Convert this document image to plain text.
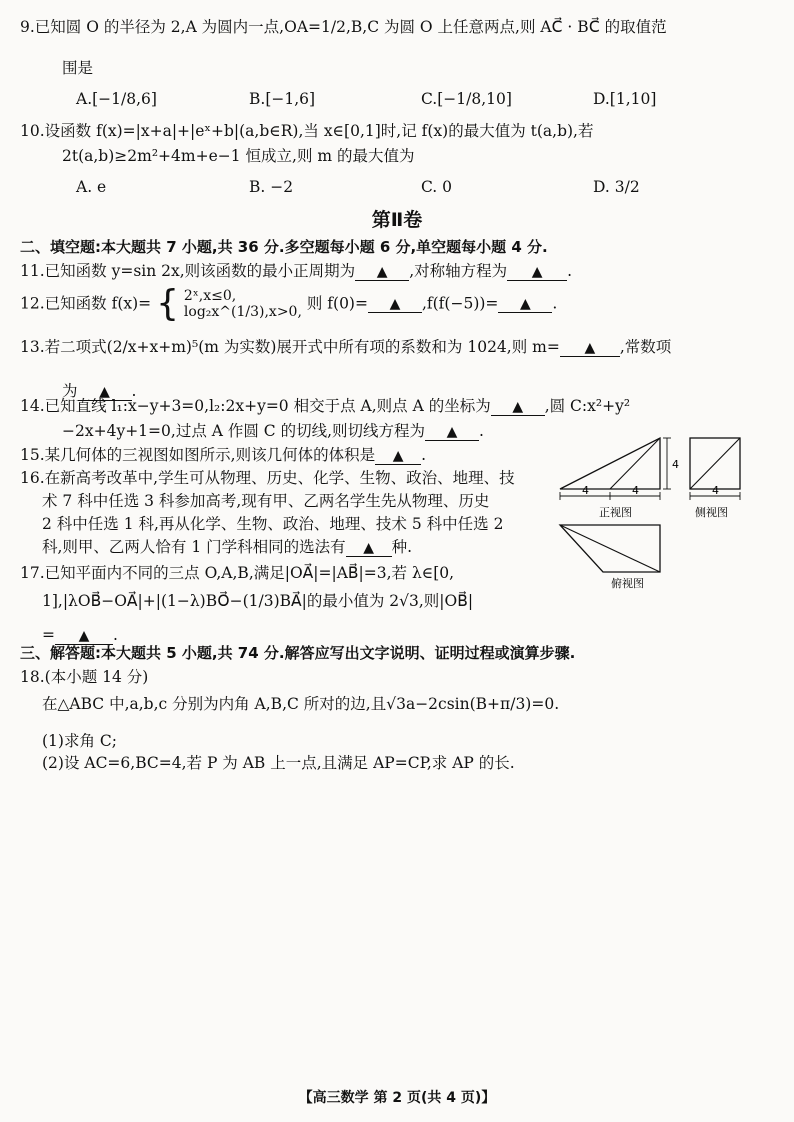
9.已知圆 O 的半径为 2,A 为圆内一点,OA=1/2,B,C 为圆 O 上任意两点,则 AC⃗ · BC⃗ 的取值范
围是
A.[−1/8,6]	B.[−1,6]	C.[−1/8,10]	D.[1,10]
10.设函数 f(x)=|x+a|+|eˣ+b|(a,b∈R),当 x∈[0,1]时,记 f(x)的最大值为 t(a,b),若
2t(a,b)≥2m²+4m+e−1 恒成立,则 m 的最大值为
A. e	B. −2	C. 0	D. 3/2
第Ⅱ卷
二、填空题:本大题共 7 小题,共 36 分.多空题每小题 6 分,单空题每小题 4 分.
11.已知函数 y=sin 2x,则该函数的最小正周期为 ▲ ,对称轴方程为 ▲ .
12.已知函数 f(x)= { 2ˣ,x≤0,
log₂x^(1/3),x>0, 则 f(0)= ▲ ,f(f(−5))= ▲ .
13.若二项式(2/x+x+m)⁵(m 为实数)展开式中所有项的系数和为 1024,则 m= ▲ ,常数项
为 ▲ .
14.已知直线 l₁:x−y+3=0,l₂:2x+y=0 相交于点 A,则点 A 的坐标为 ▲ ,圆 C:x²+y²
−2x+4y+1=0,过点 A 作圆 C 的切线,则切线方程为 ▲ .
15.某几何体的三视图如图所示,则该几何体的体积是 ▲ .
16.在新高考改革中,学生可从物理、历史、化学、生物、政治、地理、技
术 7 科中任选 3 科参加高考,现有甲、乙两名学生先从物理、历史
2 科中任选 1 科,再从化学、生物、政治、地理、技术 5 科中任选 2
科,则甲、乙两人恰有 1 门学科相同的选法有 ▲ 种.
17.已知平面内不同的三点 O,A,B,满足|OA⃗|=|AB⃗|=3,若 λ∈[0,
1],|λOB⃗−OA⃗|+|(1−λ)BO⃗−(1/3)BA⃗|的最小值为 2√3,则|OB⃗|
= ▲ .
三、解答题:本大题共 5 小题,共 74 分.解答应写出文字说明、证明过程或演算步骤.
18.(本小题 14 分)
在△ABC 中,a,b,c 分别为内角 A,B,C 所对的边,且√3a−2csin(B+π/3)=0.
(1)求角 C;
(2)设 AC=6,BC=4,若 P 为 AB 上一点,且满足 AP=CP,求 AP 的长.
4
4	4
正视图
4
侧视图
俯视图
【高三数学 第 2 页(共 4 页)】
